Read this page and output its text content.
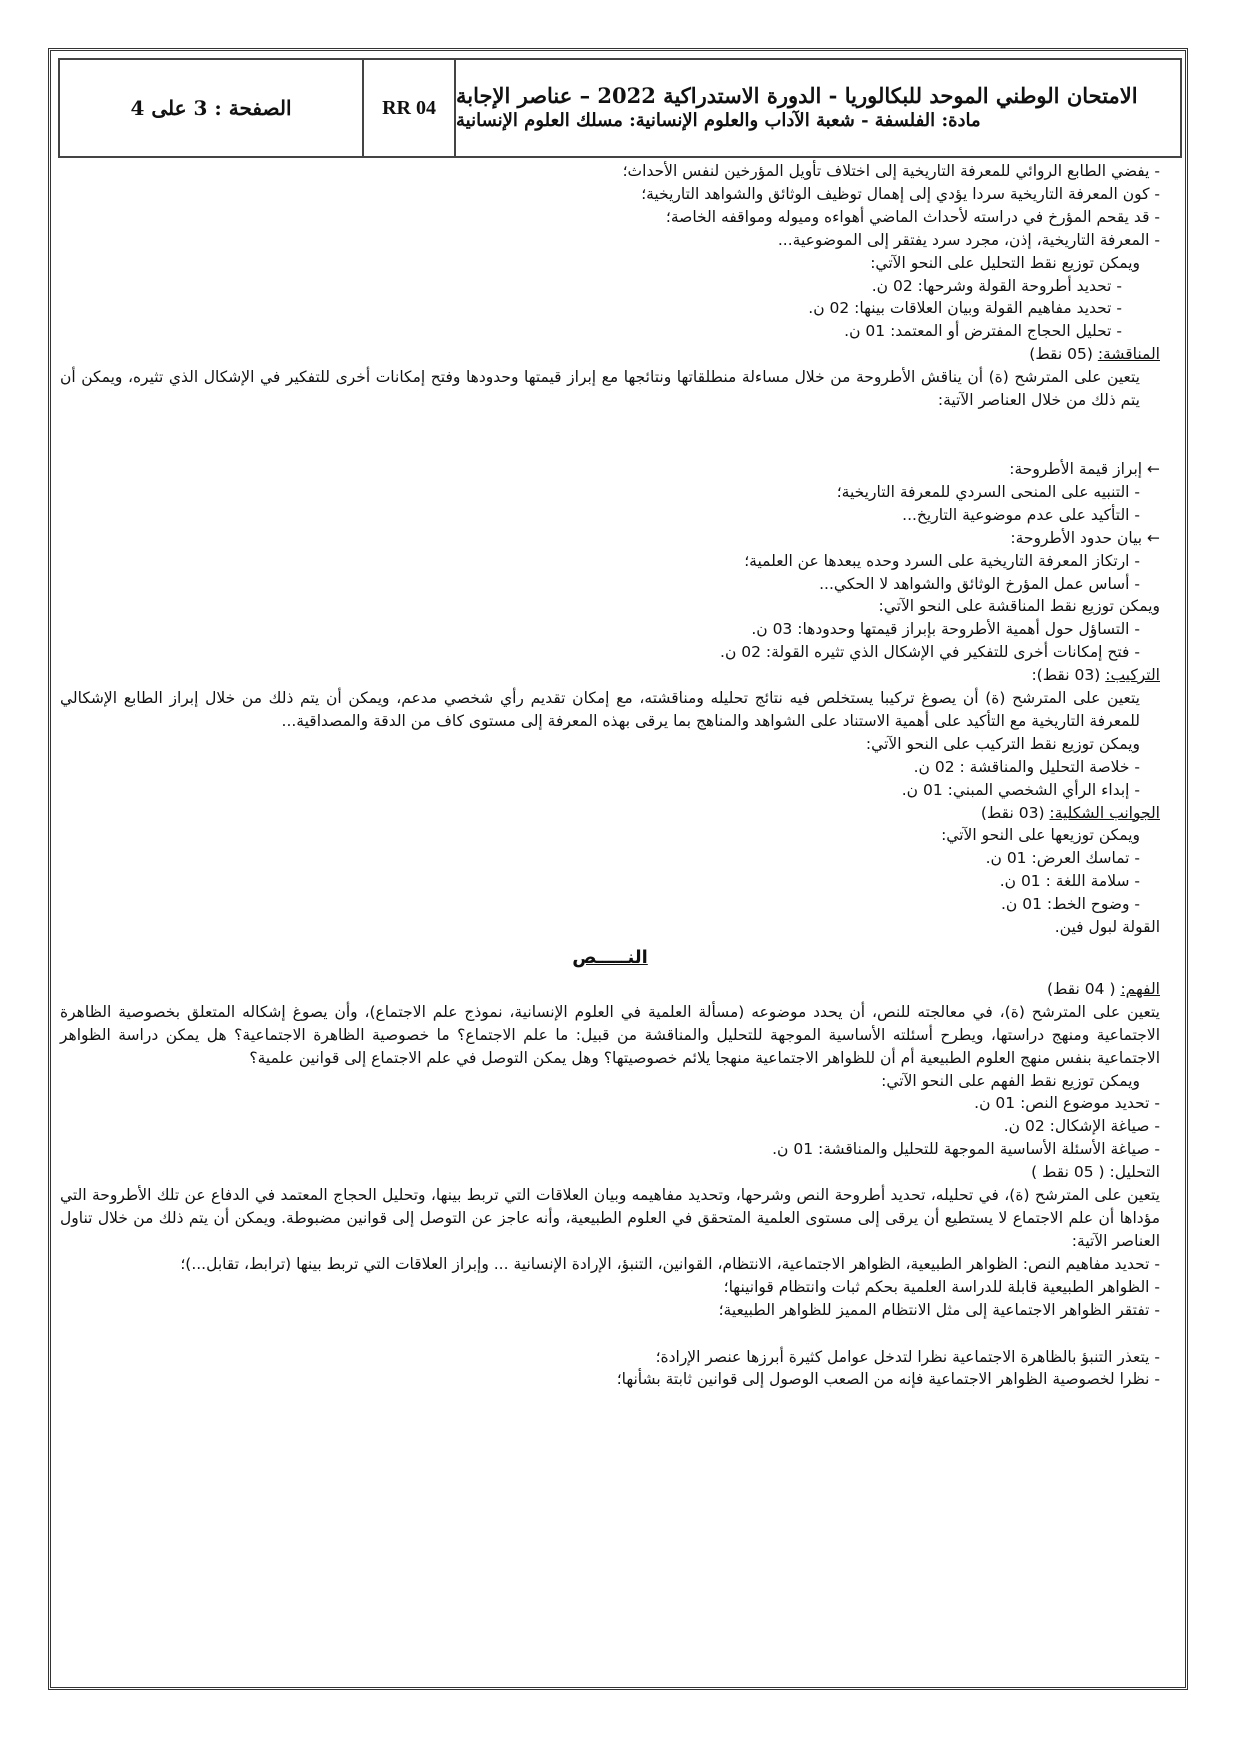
الامتحان الوطني الموحد للبكالوريا - الدورة الاستدراكية 2022 – عناصر الإجابة
مادة: الفلسفة - شعبة الآداب والعلوم الإنسانية: مسلك العلوم الإنسانية
RR 04
الصفحة : 3 على 4

- يفضي الطابع الروائي للمعرفة التاريخية إلى اختلاف تأويل المؤرخين لنفس الأحداث؛

- كون المعرفة التاريخية سردا يؤدي إلى إهمال توظيف الوثائق والشواهد التاريخية؛

- قد يقحم المؤرخ في دراسته لأحداث الماضي أهواءه وميوله ومواقفه الخاصة؛

- المعرفة التاريخية، إذن، مجرد سرد يفتقر إلى الموضوعية...

ويمكن توزيع نقط التحليل على النحو الآتي:

- تحديد أطروحة القولة وشرحها: 02 ن.

- تحديد مفاهيم القولة وبيان العلاقات بينها: 02 ن.

- تحليل الحجاج المفترض أو المعتمد: 01 ن.

المناقشة: (05 نقط)

يتعين على المترشح (ة) أن يناقش الأطروحة من خلال مساءلة منطلقاتها ونتائجها مع إبراز قيمتها وحدودها وفتح إمكانات أخرى للتفكير في الإشكال الذي تثيره، ويمكن أن يتم ذلك من خلال العناصر الآتية:

← إبراز قيمة الأطروحة:

- التنبيه على المنحى السردي للمعرفة التاريخية؛

- التأكيد على عدم موضوعية التاريخ...

← بيان حدود الأطروحة:

- ارتكاز المعرفة التاريخية على السرد وحده يبعدها عن العلمية؛

- أساس عمل المؤرخ الوثائق والشواهد لا الحكي...

ويمكن توزيع نقط المناقشة على النحو الآتي:

- التساؤل حول أهمية الأطروحة بإبراز قيمتها وحدودها: 03 ن.

- فتح إمكانات أخرى للتفكير في الإشكال الذي تثيره القولة: 02 ن.

التركيب: (03 نقط):

يتعين على المترشح (ة) أن يصوغ تركيبا يستخلص فيه نتائج تحليله ومناقشته، مع إمكان تقديم رأي شخصي مدعم، ويمكن أن يتم ذلك من خلال إبراز الطابع الإشكالي للمعرفة التاريخية مع التأكيد على أهمية الاستناد على الشواهد والمناهج بما يرقى بهذه المعرفة إلى مستوى كاف من الدقة والمصداقية...

ويمكن توزيع نقط التركيب على النحو الآتي:

- خلاصة التحليل والمناقشة : 02 ن.

- إبداء الرأي الشخصي المبني: 01 ن.

الجوانب الشكلية: (03 نقط)

ويمكن توزيعها على النحو الآتي:

- تماسك العرض: 01 ن.

- سلامة اللغة : 01 ن.

- وضوح الخط: 01 ن.

القولة لبول فين.

النـــــص

الفهم: ( 04 نقط)

يتعين على المترشح (ة)، في معالجته للنص، أن يحدد موضوعه (مسألة العلمية في العلوم الإنسانية، نموذج علم الاجتماع)، وأن يصوغ إشكاله المتعلق بخصوصية الظاهرة الاجتماعية ومنهج دراستها، ويطرح أسئلته الأساسية الموجهة للتحليل والمناقشة من قبيل: ما علم الاجتماع؟ ما خصوصية الظاهرة الاجتماعية؟ هل يمكن دراسة الظواهر الاجتماعية بنفس منهج العلوم الطبيعية أم أن للظواهر الاجتماعية منهجا يلائم خصوصيتها؟ وهل يمكن التوصل في علم الاجتماع إلى قوانين علمية؟

ويمكن توزيع نقط الفهم على النحو الآتي:

- تحديد موضوع النص: 01 ن.

- صياغة الإشكال: 02 ن.

- صياغة الأسئلة الأساسية الموجهة للتحليل والمناقشة: 01 ن.

التحليل: ( 05 نقط )

يتعين على المترشح (ة)، في تحليله، تحديد أطروحة النص وشرحها، وتحديد مفاهيمه وبيان العلاقات التي تربط بينها، وتحليل الحجاج المعتمد في الدفاع عن تلك الأطروحة التي مؤداها أن علم الاجتماع لا يستطيع أن يرقى إلى مستوى العلمية المتحقق في العلوم الطبيعية، وأنه عاجز عن التوصل إلى قوانين مضبوطة. ويمكن أن يتم ذلك من خلال تناول العناصر الآتية:

- تحديد مفاهيم النص: الظواهر الطبيعية، الظواهر الاجتماعية، الانتظام، القوانين، التنبؤ، الإرادة الإنسانية ... وإبراز العلاقات التي تربط بينها (ترابط، تقابل...)؛

- الظواهر الطبيعية قابلة للدراسة العلمية بحكم ثبات وانتظام قوانينها؛

- تفتقر الظواهر الاجتماعية إلى مثل الانتظام المميز للظواهر الطبيعية؛

- يتعذر التنبؤ بالظاهرة الاجتماعية نظرا لتدخل عوامل كثيرة أبرزها عنصر الإرادة؛

- نظرا لخصوصية الظواهر الاجتماعية فإنه من الصعب الوصول إلى قوانين ثابتة بشأنها؛
